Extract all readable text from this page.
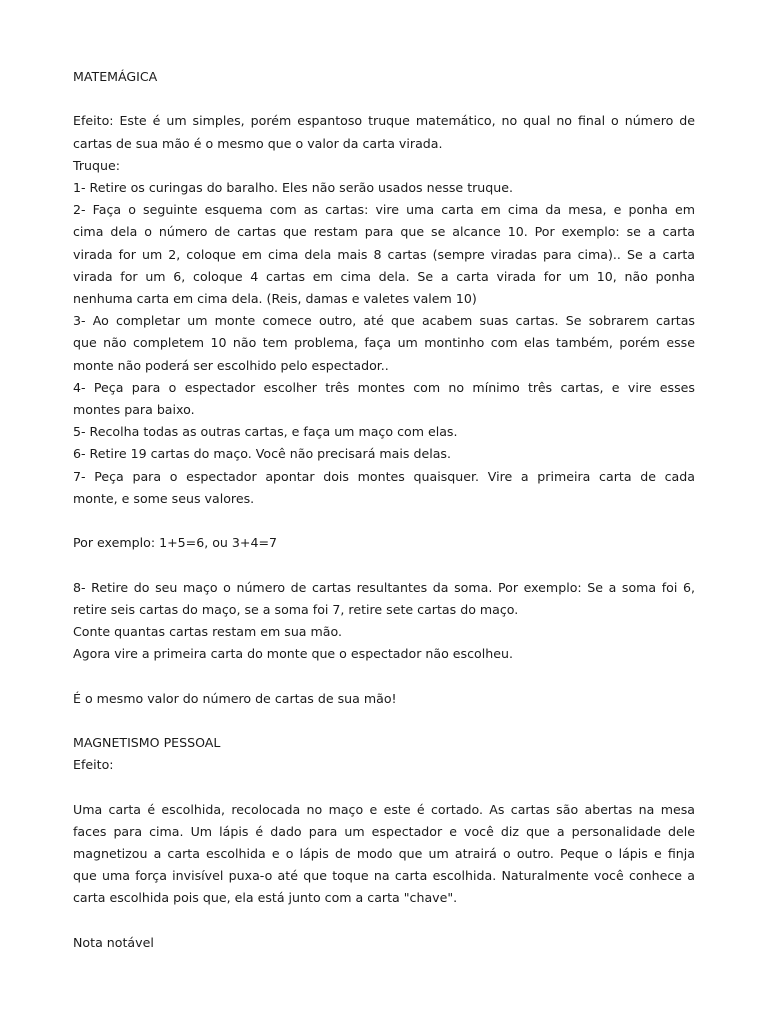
MATEMÁGICA
Efeito: Este é um simples, porém espantoso truque matemático, no qual no final o número de
cartas de sua mão é o mesmo que o valor da carta virada.
Truque:
1- Retire os curingas do baralho. Eles não serão usados nesse truque.
2- Faça o seguinte esquema com as cartas: vire uma carta em cima da mesa, e ponha em
cima dela o número de cartas que restam para que se alcance 10. Por exemplo: se a carta
virada for um 2, coloque em cima dela mais 8 cartas (sempre viradas para cima).. Se a carta
virada for um 6, coloque 4 cartas em cima dela. Se a carta virada for um 10, não ponha
nenhuma carta em cima dela. (Reis, damas e valetes valem 10)
3- Ao completar um monte comece outro, até que acabem suas cartas. Se sobrarem cartas
que não completem 10 não tem problema, faça um montinho com elas também, porém esse
monte não poderá ser escolhido pelo espectador..
4- Peça para o espectador escolher três montes com no mínimo três cartas, e vire esses
montes para baixo.
5- Recolha todas as outras cartas, e faça um maço com elas.
6- Retire 19 cartas do maço. Você não precisará mais delas.
7- Peça para o espectador apontar dois montes quaisquer. Vire a primeira carta de cada
monte, e some seus valores.
Por exemplo: 1+5=6, ou 3+4=7
8- Retire do seu maço o número de cartas resultantes da soma. Por exemplo: Se a soma foi 6,
retire seis cartas do maço, se a soma foi 7, retire sete cartas do maço.
Conte quantas cartas restam em sua mão.
Agora vire a primeira carta do monte que o espectador não escolheu.
É o mesmo valor do número de cartas de sua mão!
MAGNETISMO PESSOAL
Efeito:
Uma carta é escolhida, recolocada no maço e este é cortado. As cartas são abertas na mesa
faces para cima. Um lápis é dado para um espectador e você diz que a personalidade dele
magnetizou a carta escolhida e o lápis de modo que um atrairá o outro. Peque o lápis e finja
que uma força invisível puxa-o até que toque na carta escolhida. Naturalmente você conhece a
carta escolhida pois que, ela está junto com a carta "chave".
Nota notável
